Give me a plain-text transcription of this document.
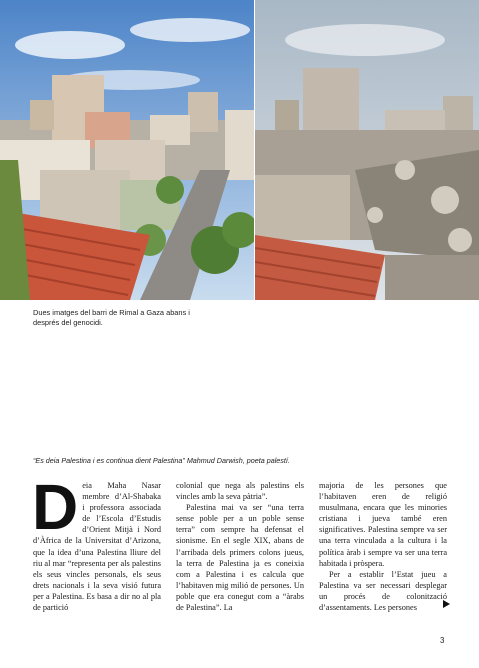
Dues imatges del barri de Rimal a Gaza abans i després del genocidi.
“Es deia Palestina i es continua dient Palestina” Mahmud Darwish, poeta palestí.
D eia Maha Nasar membre d’Al-Shabaka i professora associada de l’Escola d’Estudis d’Orient Mitjà i Nord d’Àfrica de la Universitat d’Arizona, que la idea d’una Palestina lliure del riu al mar “representa per als palestins els seus vincles personals, els seus drets nacionals i la seva visió futura per a Palestina. Es basa a dir no al pla de partició

colonial que nega als palestins els vincles amb la seva pàtria”.

Palestina mai va ser “una terra sense poble per a un poble sense terra” com sempre ha defensat el sionisme. En el segle XIX, abans de l’arribada dels primers colons jueus, la terra de Palestina ja es coneixia com a Palestina i es calcula que l’habitaven mig milió de persones. Un poble que era conegut com a “àrabs de Palestina”. La

majoria de les persones que l’habitaven eren de religió musulmana, encara que les minories cristiana i jueva també eren significatives. Palestina sempre va ser una terra vinculada a la cultura i la política àrab i sempre va ser una terra habitada i pròspera.

Per a establir l’Estat jueu a Palestina va ser necessari desplegar un procés de colonització d’assentaments. Les persones

3
